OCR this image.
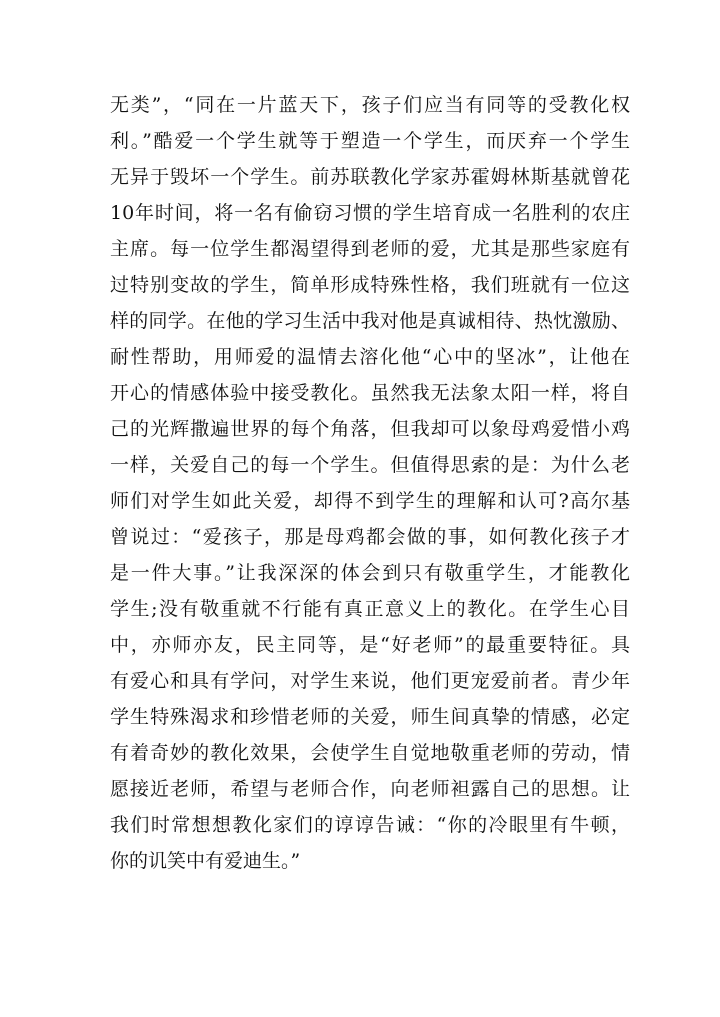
无类”，“同在一片蓝天下，孩子们应当有同等的受教化权
利。”酷爱一个学生就等于塑造一个学生，而厌弃一个学生
无异于毁坏一个学生。前苏联教化学家苏霍姆林斯基就曾花
10年时间，将一名有偷窃习惯的学生培育成一名胜利的农庄
主席。每一位学生都渴望得到老师的爱，尤其是那些家庭有
过特别变故的学生，简单形成特殊性格，我们班就有一位这
样的同学。在他的学习生活中我对他是真诚相待、热忱激励、
耐性帮助，用师爱的温情去溶化他“心中的坚冰”，让他在
开心的情感体验中接受教化。虽然我无法象太阳一样，将自
己的光辉撒遍世界的每个角落，但我却可以象母鸡爱惜小鸡
一样，关爱自己的每一个学生。但值得思索的是：为什么老
师们对学生如此关爱，却得不到学生的理解和认可?高尔基
曾说过：“爱孩子，那是母鸡都会做的事，如何教化孩子才
是一件大事。”让我深深的体会到只有敬重学生，才能教化
学生;没有敬重就不行能有真正意义上的教化。在学生心目
中，亦师亦友，民主同等，是“好老师”的最重要特征。具
有爱心和具有学问，对学生来说，他们更宠爱前者。青少年
学生特殊渴求和珍惜老师的关爱，师生间真挚的情感，必定
有着奇妙的教化效果，会使学生自觉地敬重老师的劳动，情
愿接近老师，希望与老师合作，向老师袒露自己的思想。让
我们时常想想教化家们的谆谆告诫：“你的冷眼里有牛顿，
你的讥笑中有爱迪生。”
